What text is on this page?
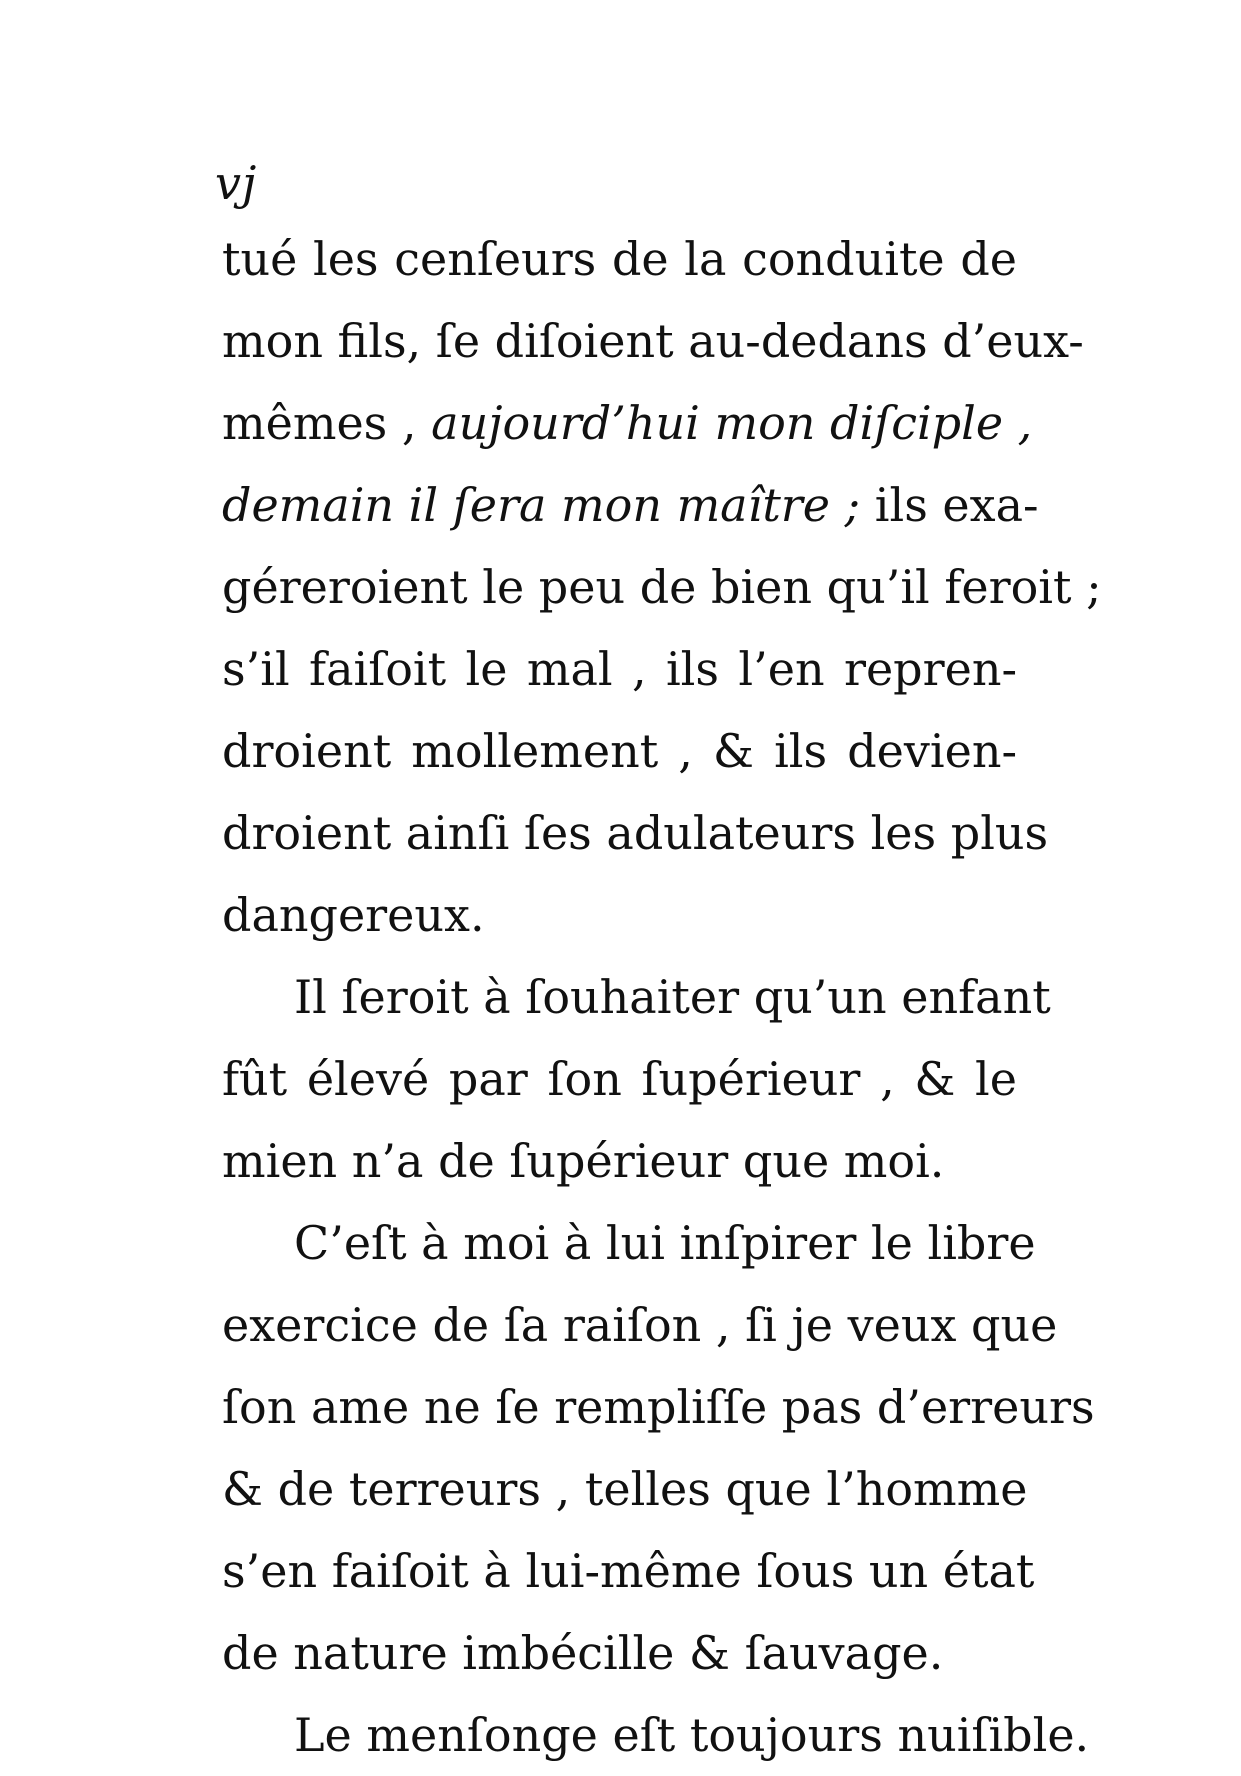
vj
tué les cenſeurs de la conduite de
mon fils, ſe diſoient au-dedans d’eux-
mêmes , aujourd’hui mon diſciple ,
demain il ſera mon maître ; ils exa-
géreroient le peu de bien qu’il feroit ;
s’il faiſoit le mal , ils l’en repren-
droient mollement , & ils devien-
droient ainſi ſes adulateurs les plus
dangereux.
Il ſeroit à ſouhaiter qu’un enfant
fût élevé par ſon ſupérieur , & le
mien n’a de ſupérieur que moi.
C’eſt à moi à lui inſpirer le libre
exercice de ſa raiſon , ſi je veux que
ſon ame ne ſe rempliſſe pas d’erreurs
& de terreurs , telles que l’homme
s’en faiſoit à lui-même ſous un état
de nature imbécille & ſauvage.
Le menſonge eſt toujours nuiſible.
